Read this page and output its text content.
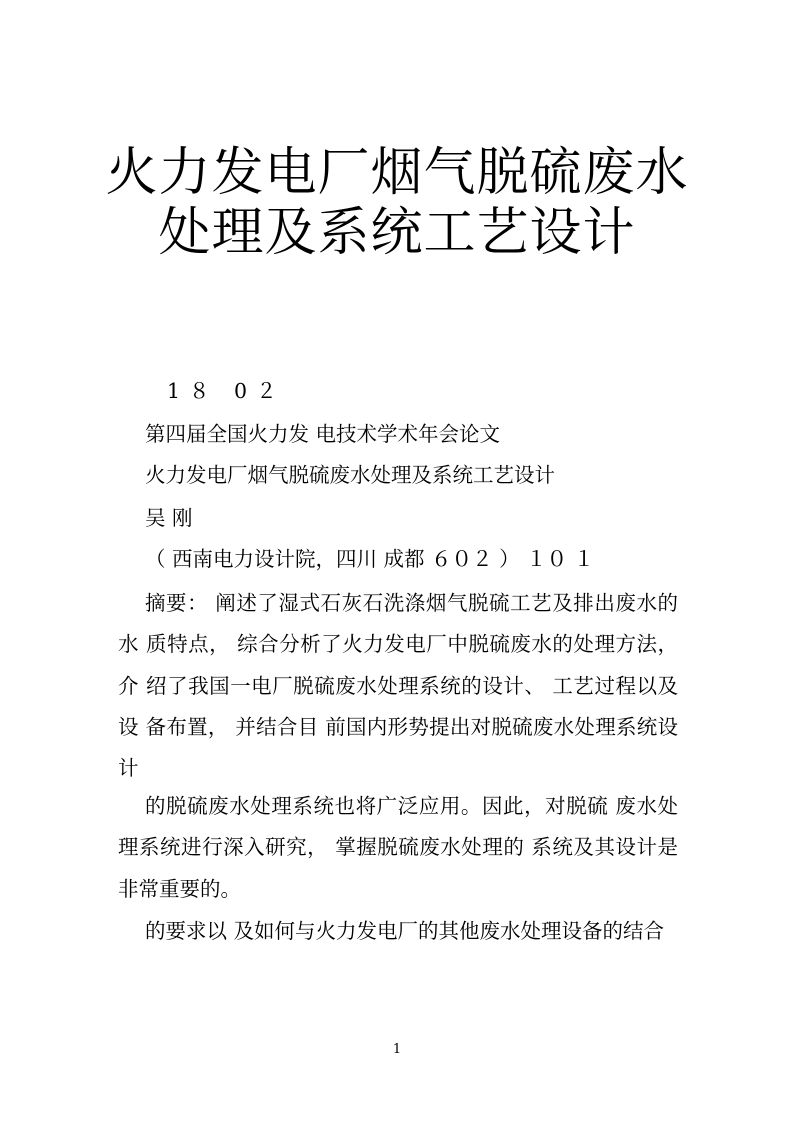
火力发电厂烟气脱硫废水
处理及系统工艺设计
1８ 0２
第四届全国火力发 电技术学术年会论文
火力发电厂烟气脱硫废水处理及系统工艺设计
吴 刚
（ 西南电力设计院，四川 成都 ６０２ ） １０ １
摘要： 阐述了湿式石灰石洗涤烟气脱硫工艺及排出废水的水 质特点， 综合分析了火力发电厂中脱硫废水的处理方法， 介 绍了我国一电厂脱硫废水处理系统的设计、 工艺过程以及设 备布置， 并结合目 前国内形势提出对脱硫废水处理系统设计
的脱硫废水处理系统也将广泛应用。因此，对脱硫 废水处理系统进行深入研究， 掌握脱硫废水处理的 系统及其设计是非常重要的。
的要求以 及如何与火力发电厂的其他废水处理设备的结合
1
